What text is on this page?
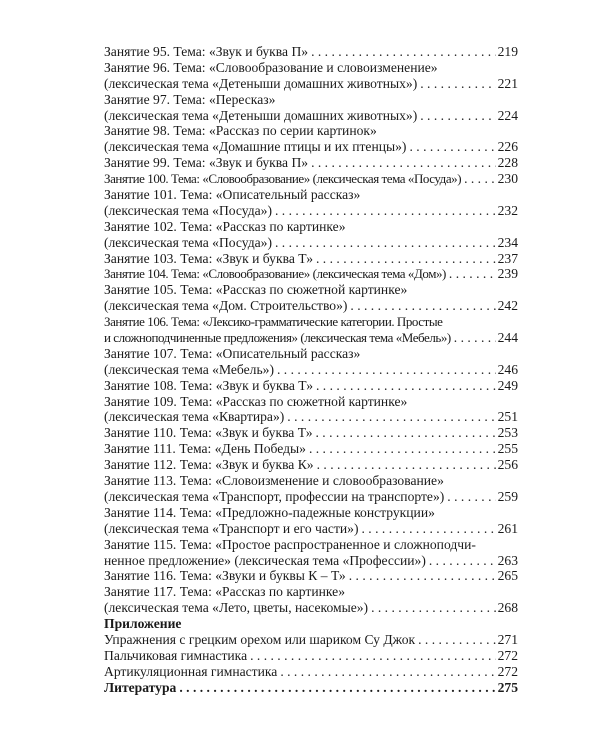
Занятие 95. Тема: «Звук и буква П» . . .	219
Занятие 96. Тема: «Словообразование и словоизменение»
(лексическая тема «Детеныши домашних животных») . . .	221
Занятие 97. Тема: «Пересказ»
(лексическая тема «Детеныши домашних животных») . . .	224
Занятие 98. Тема: «Рассказ по серии картинок»
(лексическая тема «Домашние птицы и их птенцы») . . .	226
Занятие 99. Тема: «Звук и буква П» . . .	228
Занятие 100. Тема: «Словообразование» (лексическая тема «Посуда») . . .	230
Занятие 101. Тема: «Описательный рассказ»
(лексическая тема «Посуда») . . .	232
Занятие 102. Тема: «Рассказ по картинке»
(лексическая тема «Посуда») . . .	234
Занятие 103. Тема: «Звук и буква Т» . . .	237
Занятие 104. Тема: «Словообразование» (лексическая тема «Дом») . . .	239
Занятие 105. Тема: «Рассказ по сюжетной картинке»
(лексическая тема «Дом. Строительство») . . .	242
Занятие 106. Тема: «Лексико-грамматические категории. Простые
и сложноподчиненные предложения» (лексическая тема «Мебель») . . .	244
Занятие 107. Тема: «Описательный рассказ»
(лексическая тема «Мебель») . . .	246
Занятие 108. Тема: «Звук и буква Т» . . .	249
Занятие 109. Тема: «Рассказ по сюжетной картинке»
(лексическая тема «Квартира») . . .	251
Занятие 110. Тема: «Звук и буква Т» . . .	253
Занятие 111. Тема: «День Победы» . . .	255
Занятие 112. Тема: «Звук и буква К» . . .	256
Занятие 113. Тема: «Словоизменение и словообразование»
(лексическая тема «Транспорт, профессии на транспорте») . . .	259
Занятие 114. Тема: «Предложно-падежные конструкции»
(лексическая тема «Транспорт и его части») . . .	261
Занятие 115. Тема: «Простое распространенное и сложноподчи-
ненное предложение» (лексическая тема «Профессии») . . .	263
Занятие 116. Тема: «Звуки и буквы К – Т» . . .	265
Занятие 117. Тема: «Рассказ по картинке»
(лексическая тема «Лето, цветы, насекомые») . . .	268
Приложение
Упражнения с грецким орехом или шариком Су Джок . . .	271
Пальчиковая гимнастика . . .	272
Артикуляционная гимнастика . . .	272
Литература . . .	275
